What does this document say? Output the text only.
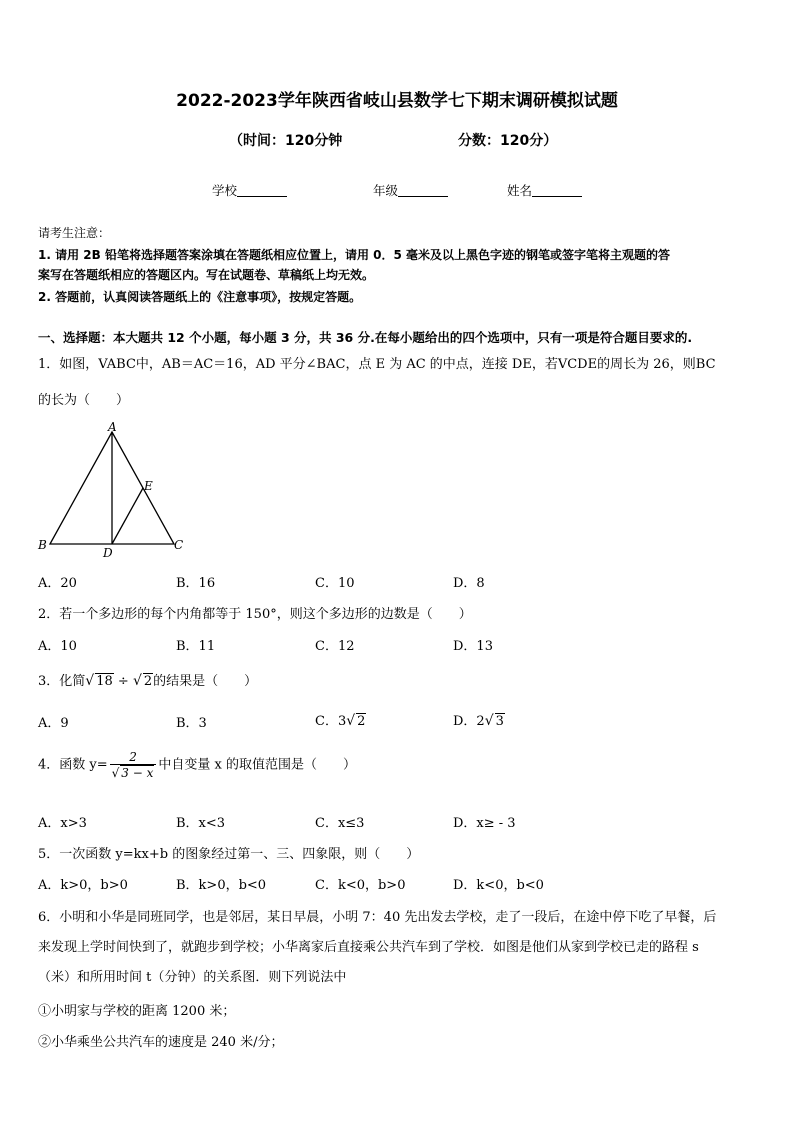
2022-2023学年陕西省岐山县数学七下期末调研模拟试题
（时间：120分钟	分数：120分）
学校	年级	姓名
请考生注意：
1. 请用 2B 铅笔将选择题答案涂填在答题纸相应位置上，请用 0．5 毫米及以上黑色字迹的钢笔或签字笔将主观题的答
案写在答题纸相应的答题区内。写在试题卷、草稿纸上均无效。
2. 答题前，认真阅读答题纸上的《注意事项》，按规定答题。
一、选择题：本大题共 12 个小题，每小题 3 分，共 36 分.在每小题给出的四个选项中，只有一项是符合题目要求的.
1．如图，VABC中，AB＝AC＝16，AD 平分∠BAC，点 E 为 AC 的中点，连接 DE，若VCDE的周长为 26，则BC
的长为（　　）
A
B	C
D
E
A．20	B．16	C．10	D．8
2．若一个多边形的每个内角都等于 150°，则这个多边形的边数是（　　）
A．10	B．11	C．12	D．13
3．化简√ 18 ÷ √ 2的结果是（　　）
A．9	B．3	C．3√ 2	D．2√ 3
4．函数 $y= \frac{2}{√ 3 - x}$ 中自变量 x 的取值范围是（　　）
A．x>3	B．x<3	C．x≤3	D．x≥ - 3
5．一次函数 y=kx+b 的图象经过第一、三、四象限，则（　　）
A．k>0，b>0	B．k>0，b<0	C．k<0，b>0	D．k<0，b<0
6．小明和小华是同班同学，也是邻居，某日早晨，小明 7：40 先出发去学校，走了一段后，在途中停下吃了早餐，后
来发现上学时间快到了，就跑步到学校；小华离家后直接乘公共汽车到了学校．如图是他们从家到学校已走的路程 s
（米）和所用时间 t（分钟）的关系图．则下列说法中
①小明家与学校的距离 1200 米；
②小华乘坐公共汽车的速度是 240 米/分；
